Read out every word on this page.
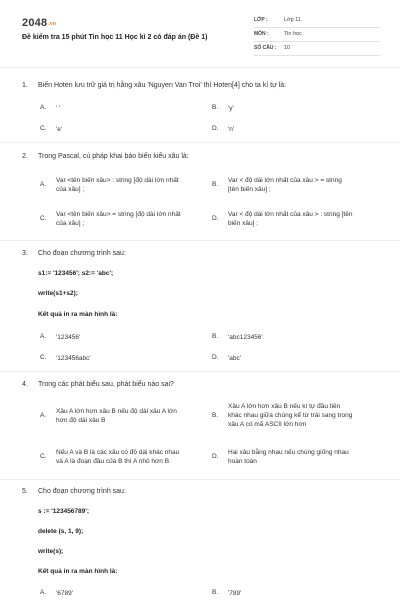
2048.vn
Đề kiểm tra 15 phút Tin học 11 Học kì 2 có đáp án (Đề 1)
LỚP :	Lớp 11
MÔN :	Tin học
SỐ CÂU : 10
1. Biến Hoten lưu trữ giá trị hằng xâu 'Nguyen Van Troi' thì Hoten[4] cho ta kí tự là:
A. ' '	B. 'y'
C. 'e'	D. 'n'
2. Trong Pascal, cú pháp khai báo biến kiểu xâu là:
A.
Var <tên biến xâu> : string [độ dài lớn nhất
của xâu] ;
B.
Var < độ dài lớn nhất của xâu > = string
[tên biến xâu] ;
C.
Var <tên biến xâu> = string [độ dài lớn nhất
của xâu] ;
D.
Var < độ dài lớn nhất của xâu > : string [tên
biến xâu] ;
3. Cho đoạn chương trình sau:
s1:= '123456'; s2:= 'abc';
write(s1+s2);
Kết quả in ra màn hình là:
A. '123456'	B. 'abc123456'
C. '123456abc'	D. 'abc'
4. Trong các phát biểu sau, phát biểu nào sai?
A.
Xâu A lớn hơn xâu B nếu độ dài xâu A lớn
hơn độ dài xâu B
B.
Xâu A lớn hơn xâu B nếu kí tự đầu tiên
khác nhau giữa chúng kể từ trái sang trong
xâu A có mã ASCII lớn hơn
C.
Nếu A và B là các xâu có độ dài khác nhau
và A là đoạn đầu của B thì A nhỏ hơn B
D.
Hai xâu bằng nhau nếu chúng giống nhau
hoàn toàn
5. Cho đoạn chương trình sau:
s := '123456789';
delete (s, 1, 9);
write(s);
Kết quả in ra màn hình là:
A. '6789'	B. '789'
